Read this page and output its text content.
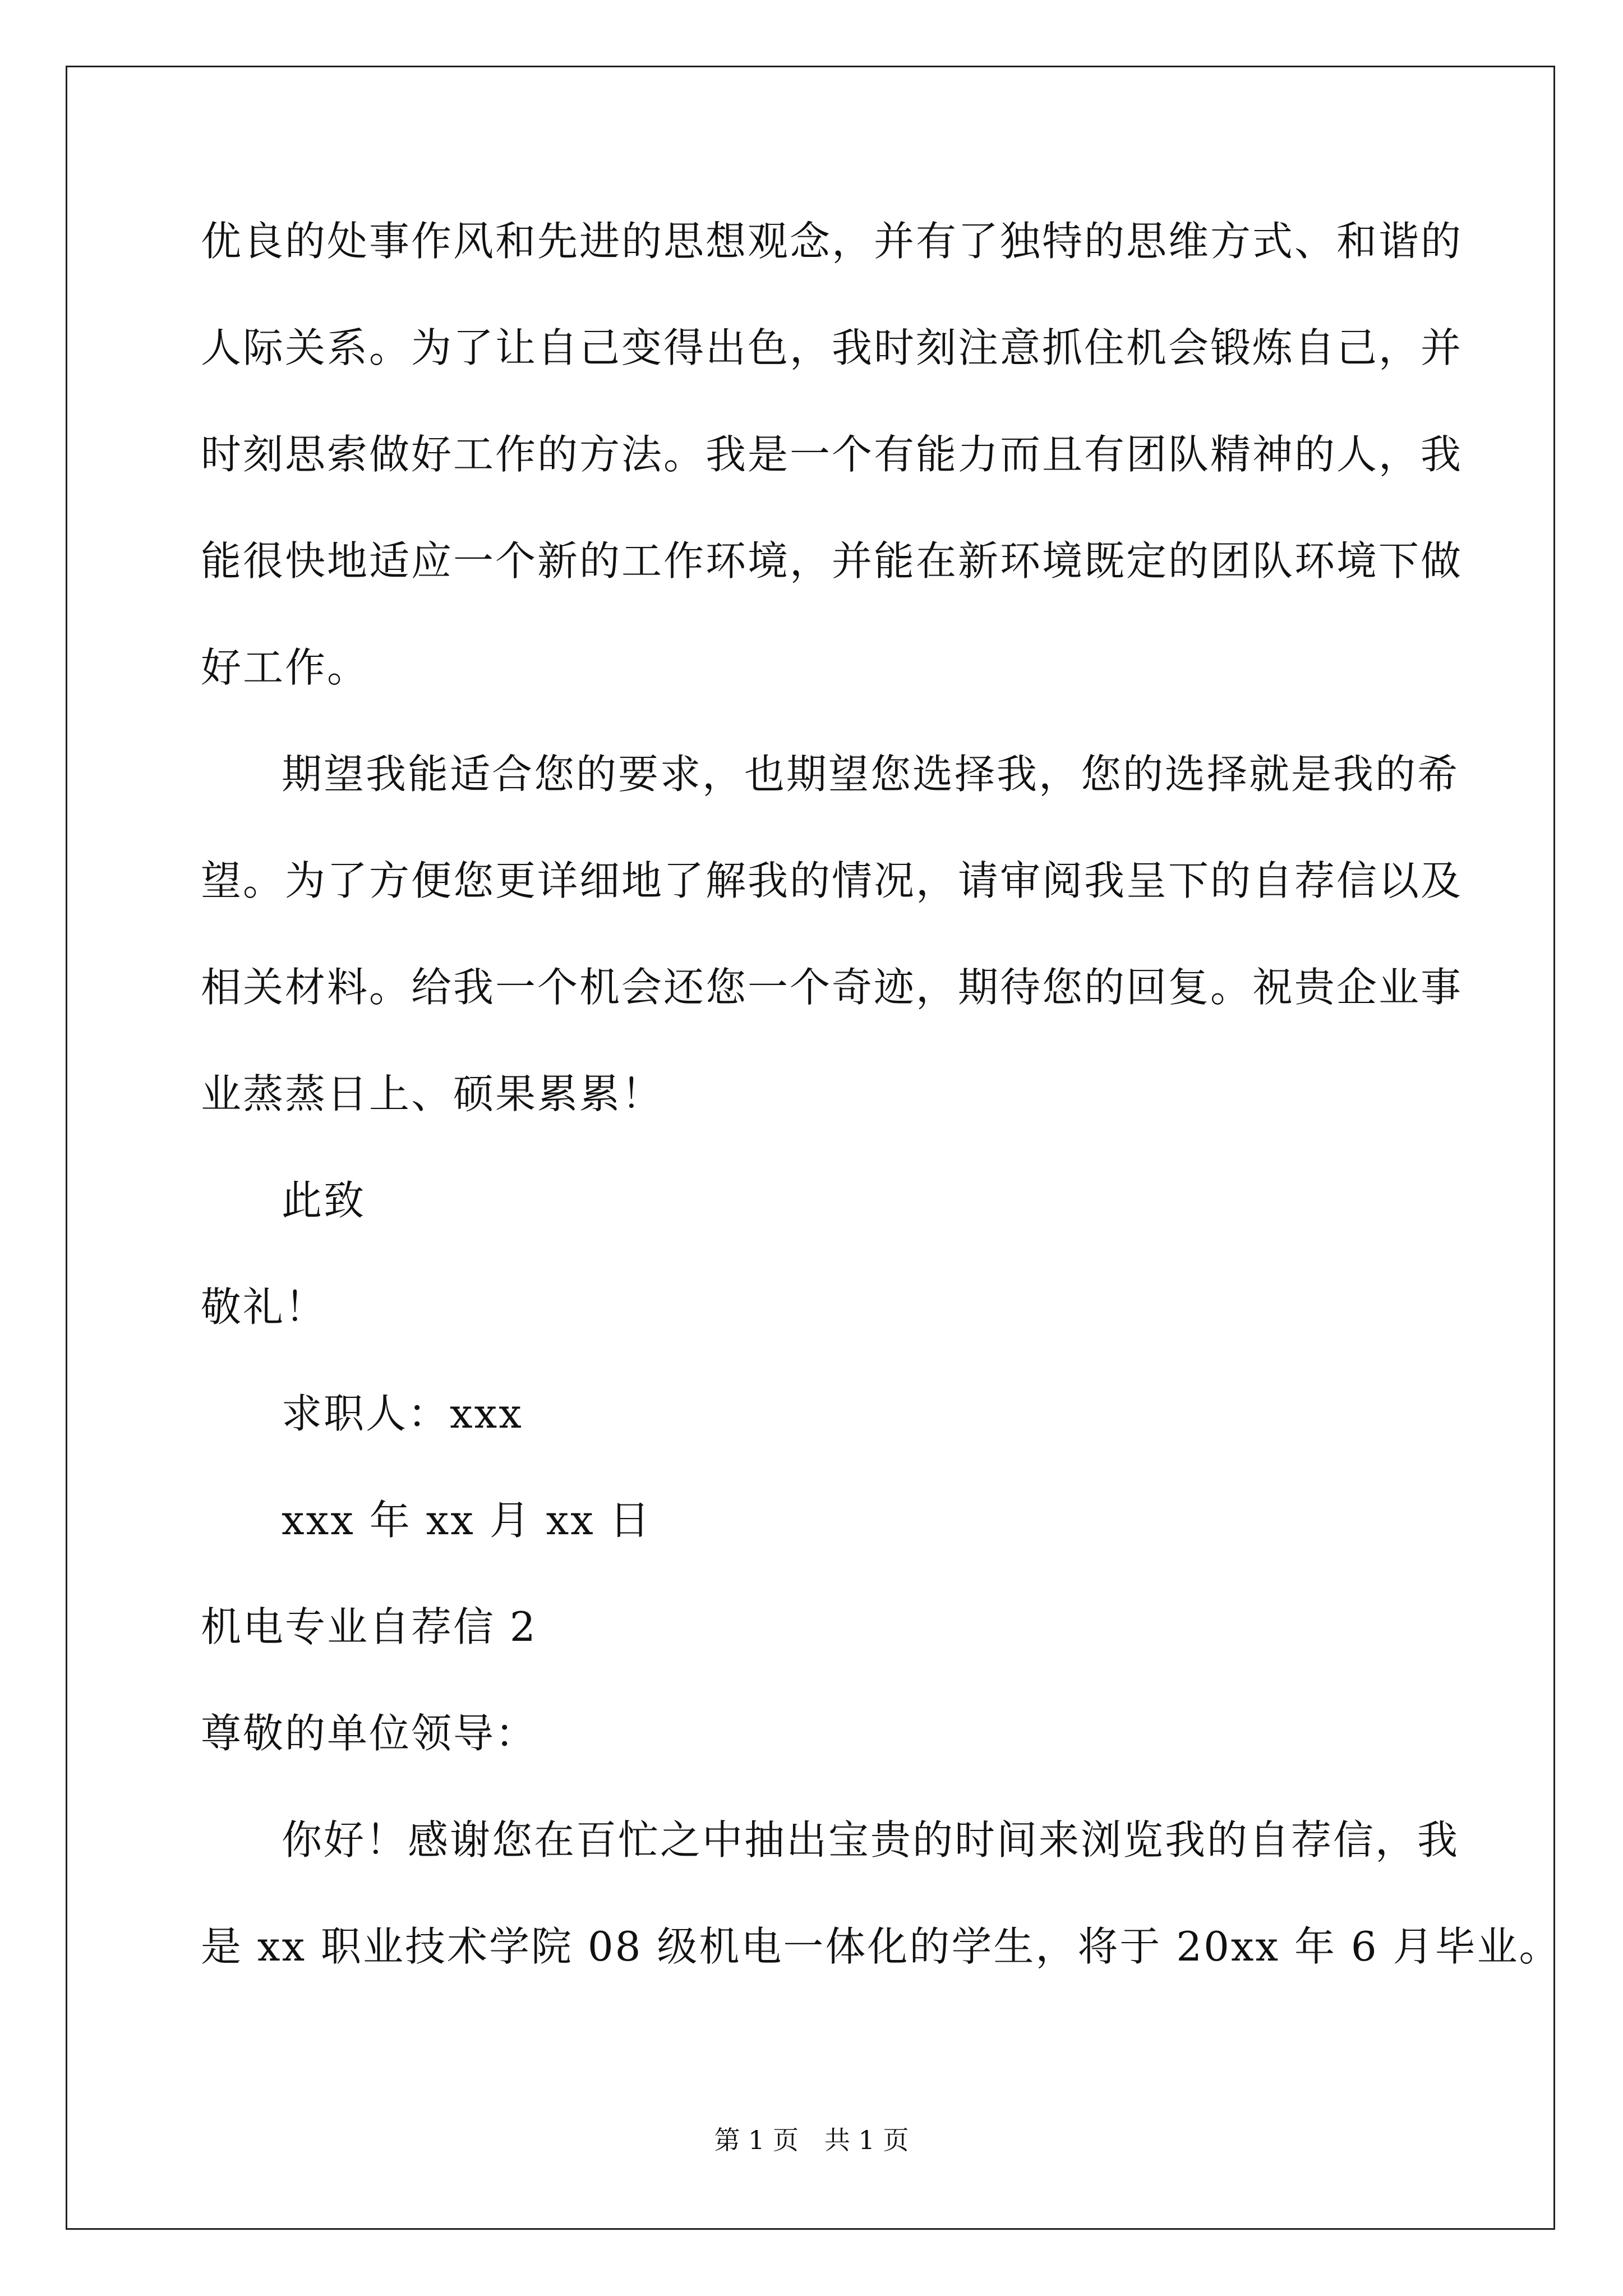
优良的处事作风和先进的思想观念，并有了独特的思维方式、和谐的
人际关系。为了让自己变得出色，我时刻注意抓住机会锻炼自己，并
时刻思索做好工作的方法。我是一个有能力而且有团队精神的人，我
能很快地适应一个新的工作环境，并能在新环境既定的团队环境下做
好工作。
期望我能适合您的要求，也期望您选择我，您的选择就是我的希
望。为了方便您更详细地了解我的情况，请审阅我呈下的自荐信以及
相关材料。给我一个机会还您一个奇迹，期待您的回复。祝贵企业事
业蒸蒸日上、硕果累累！
此致
敬礼！
求职人：xxx
xxx 年 xx 月 xx 日
机电专业自荐信 2
尊敬的单位领导：
你好！感谢您在百忙之中抽出宝贵的时间来浏览我的自荐信，我
是 xx 职业技术学院 08 级机电一体化的学生，将于 20xx 年 6 月毕业。
第 1 页　共 1 页
